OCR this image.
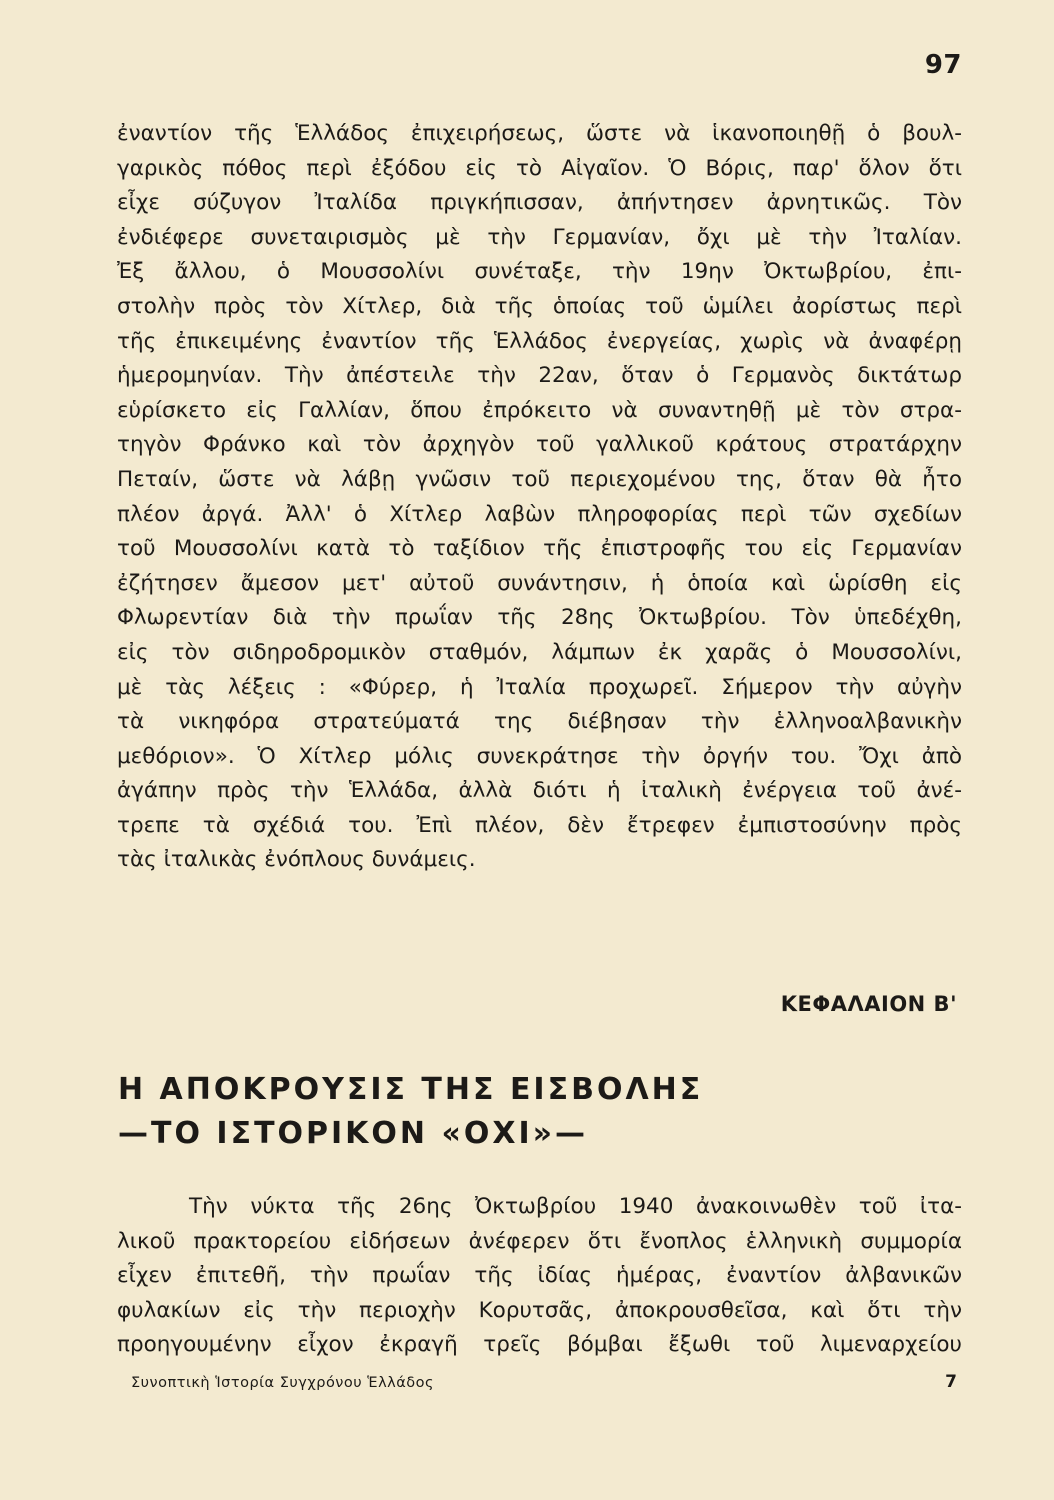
97
ἐναντίον τῆς Ἑλλάδος ἐπιχειρήσεως, ὥστε νὰ ἱκανοποιηθῇ ὁ βουλ-
γαρικὸς πόθος περὶ ἐξόδου εἰς τὸ Αἰγαῖον. Ὁ Βόρις, παρ' ὅλον ὅτι
εἶχε σύζυγον Ἰταλίδα πριγκήπισσαν, ἀπήντησεν ἀρνητικῶς. Τὸν
ἐνδιέφερε συνεταιρισμὸς μὲ τὴν Γερμανίαν, ὄχι μὲ τὴν Ἰταλίαν.
Ἐξ ἄλλου, ὁ Μουσσολίνι συνέταξε, τὴν 19ην Ὀκτωβρίου, ἐπι-
στολὴν πρὸς τὸν Χίτλερ, διὰ τῆς ὁποίας τοῦ ὡμίλει ἀορίστως περὶ
τῆς ἐπικειμένης ἐναντίον τῆς Ἑλλάδος ἐνεργείας, χωρὶς νὰ ἀναφέρῃ
ἡμερομηνίαν. Τὴν ἀπέστειλε τὴν 22αν, ὅταν ὁ Γερμανὸς δικτάτωρ
εὑρίσκετο εἰς Γαλλίαν, ὅπου ἐπρόκειτο νὰ συναντηθῇ μὲ τὸν στρα-
τηγὸν Φράνκο καὶ τὸν ἀρχηγὸν τοῦ γαλλικοῦ κράτους στρατάρχην
Πεταίν, ὥστε νὰ λάβῃ γνῶσιν τοῦ περιεχομένου της, ὅταν θὰ ἦτο
πλέον ἀργά. Ἀλλ' ὁ Χίτλερ λαβὼν πληροφορίας περὶ τῶν σχεδίων
τοῦ Μουσσολίνι κατὰ τὸ ταξίδιον τῆς ἐπιστροφῆς του εἰς Γερμανίαν
ἐζήτησεν ἄμεσον μετ' αὐτοῦ συνάντησιν, ἡ ὁποία καὶ ὡρίσθη εἰς
Φλωρεντίαν διὰ τὴν πρωΐαν τῆς 28ης Ὀκτωβρίου. Τὸν ὑπεδέχθη,
εἰς τὸν σιδηροδρομικὸν σταθμόν, λάμπων ἐκ χαρᾶς ὁ Μουσσολίνι,
μὲ τὰς λέξεις : «Φύρερ, ἡ Ἰταλία προχωρεῖ. Σήμερον τὴν αὐγὴν
τὰ νικηφόρα στρατεύματά της διέβησαν τὴν ἑλληνοαλβανικὴν
μεθόριον». Ὁ Χίτλερ μόλις συνεκράτησε τὴν ὀργήν του. Ὄχι ἀπὸ
ἀγάπην πρὸς τὴν Ἑλλάδα, ἀλλὰ διότι ἡ ἰταλικὴ ἐνέργεια τοῦ ἀνέ-
τρεπε τὰ σχέδιά του. Ἐπὶ πλέον, δὲν ἔτρεφεν ἐμπιστοσύνην πρὸς
τὰς ἰταλικὰς ἐνόπλους δυνάμεις.
ΚΕΦΑΛΑΙΟΝ Β'
Η ΑΠΟΚΡΟΥΣΙΣ ΤΗΣ ΕΙΣΒΟΛΗΣ
—ΤΟ ΙΣΤΟΡΙΚΟΝ «ΟΧΙ»—
Τὴν νύκτα τῆς 26ης Ὀκτωβρίου 1940 ἀνακοινωθὲν τοῦ ἰτα-
λικοῦ πρακτορείου εἰδήσεων ἀνέφερεν ὅτι ἔνοπλος ἑλληνικὴ συμμορία
εἶχεν ἐπιτεθῆ, τὴν πρωΐαν τῆς ἰδίας ἡμέρας, ἐναντίον ἀλβανικῶν
φυλακίων εἰς τὴν περιοχὴν Κορυτσᾶς, ἀποκρουσθεῖσα, καὶ ὅτι τὴν
προηγουμένην εἶχον ἐκραγῆ τρεῖς βόμβαι ἔξωθι τοῦ λιμεναρχείου
Συνοπτικὴ Ἱστορία Συγχρόνου Ἑλλάδος	7
